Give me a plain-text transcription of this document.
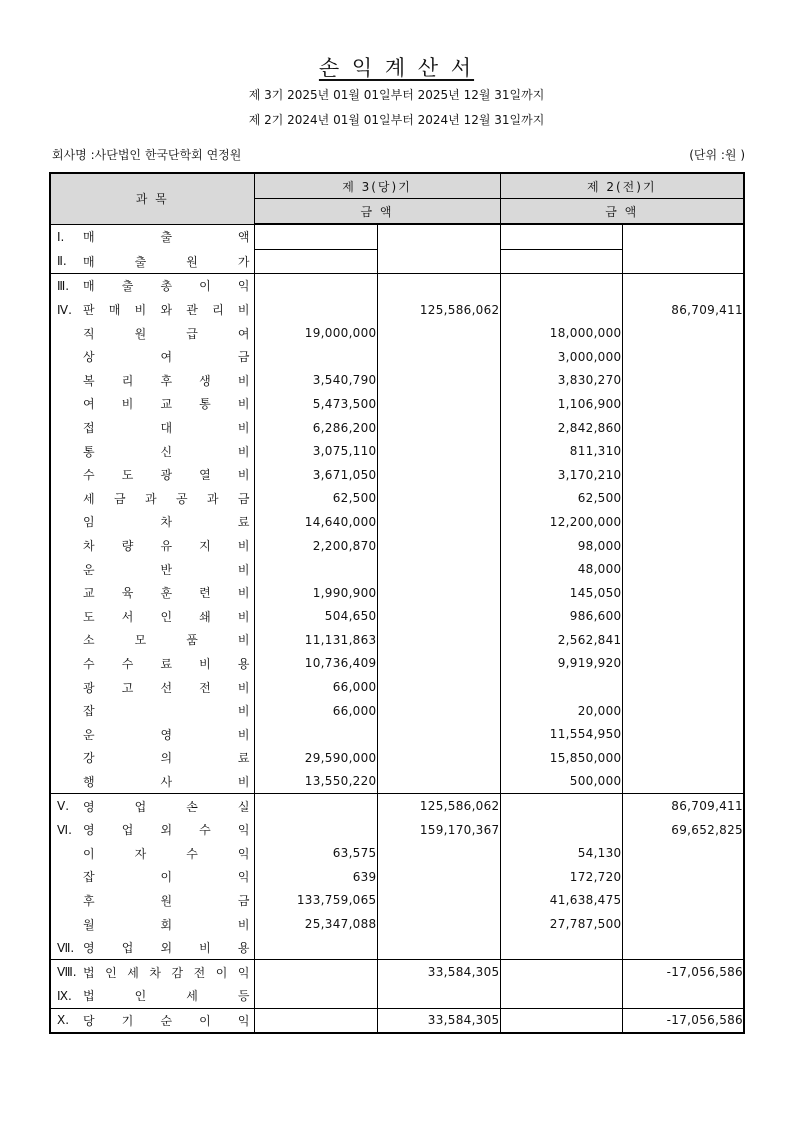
손 익 계 산 서
제 3기 2025년 01월 01일부터 2025년 12월 31일까지
제 2기 2024년 01월 01일부터 2024년 12월 31일까지
회사명 :사단법인 한국단학회 연정원	(단위 :원 )
과 목	제 3(당)기		제 2(전)기	
	금 액		금 액	

Ⅰ. 매 출 액				

Ⅱ. 매 출 원 가				

Ⅲ. 매 출 총 이 익				

Ⅳ. 판 매 비 와 관 리 비		125,586,062		86,709,411

직 원 급 여	19,000,000		18,000,000	

상 여 금			3,000,000	

복 리 후 생 비	3,540,790		3,830,270	

여 비 교 통 비	5,473,500		1,106,900	

접 대 비	6,286,200		2,842,860	

통 신 비	3,075,110		811,310	

수 도 광 열 비	3,671,050		3,170,210	

세 금 과 공 과 금	62,500		62,500	

임 차 료	14,640,000		12,200,000	

차 량 유 지 비	2,200,870		98,000	

운 반 비			48,000	

교 육 훈 련 비	1,990,900		145,050	

도 서 인 쇄 비	504,650		986,600	

소 모 품 비	11,131,863		2,562,841	

수 수 료 비 용	10,736,409		9,919,920	

광 고 선 전 비	66,000			

잡 비	66,000		20,000	

운 영 비			11,554,950	

강 의 료	29,590,000		15,850,000	

행 사 비	13,550,220		500,000	

Ⅴ. 영 업 손 실		125,586,062		86,709,411

Ⅵ. 영 업 외 수 익		159,170,367		69,652,825

이 자 수 익	63,575		54,130	

잡 이 익	639		172,720	

후 원 금	133,759,065		41,638,475	

월 회 비	25,347,088		27,787,500	

Ⅶ. 영 업 외 비 용				

Ⅷ. 법 인 세 차 감 전 이 익		33,584,305		-17,056,586

Ⅸ. 법 인 세 등				

Ⅹ. 당 기 순 이 익		33,584,305		-17,056,586
